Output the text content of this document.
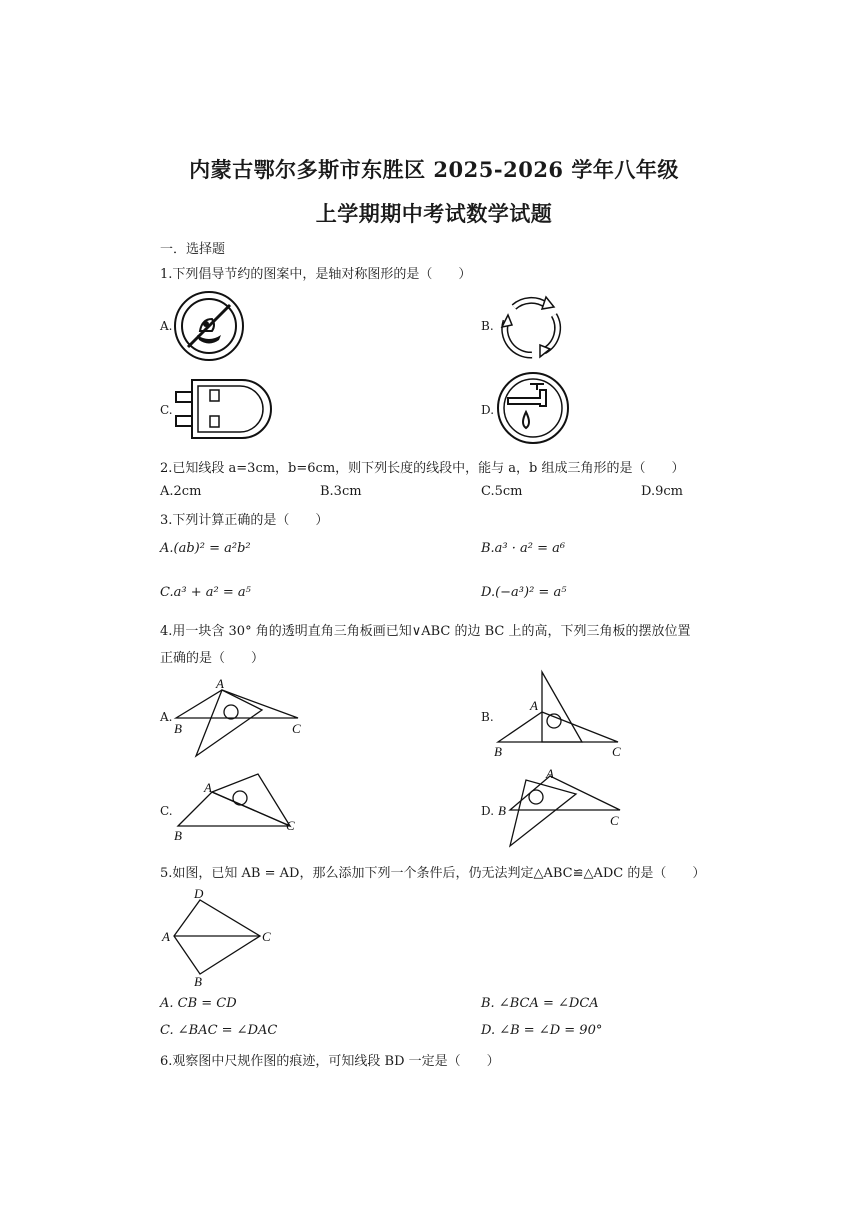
内蒙古鄂尔多斯市东胜区 2025-2026 学年八年级
上学期期中考试数学试题
一．选择题
1.下列倡导节约的图案中，是轴对称图形的是（　　）
A.	B.
C.	D.
2.已知线段 a=3cm，b=6cm，则下列长度的线段中，能与 a，b 组成三角形的是（　　）
A.2cm	B.3cm	C.5cm	D.9cm
3.下列计算正确的是（　　）
A.(ab)² = a²b²	B.a³ · a² = a⁶
C.a³ + a² = a⁵	D.(−a³)² = a⁵
4.用一块含 30° 角的透明直角三角板画已知∨ABC 的边 BC 上的高，下列三角板的摆放位置
正确的是（　　）
A.
A
B	C
B.
A
B	C
C.
A
B
C
D.
A
B
C
5.如图，已知 AB = AD，那么添加下列一个条件后，仍无法判定△ABC≌△ADC 的是（　　）
D
A	C
B
A. CB = CD	B. ∠BCA = ∠DCA
C. ∠BAC = ∠DAC	D. ∠B = ∠D = 90°
6.观察图中尺规作图的痕迹，可知线段 BD 一定是（　　）
